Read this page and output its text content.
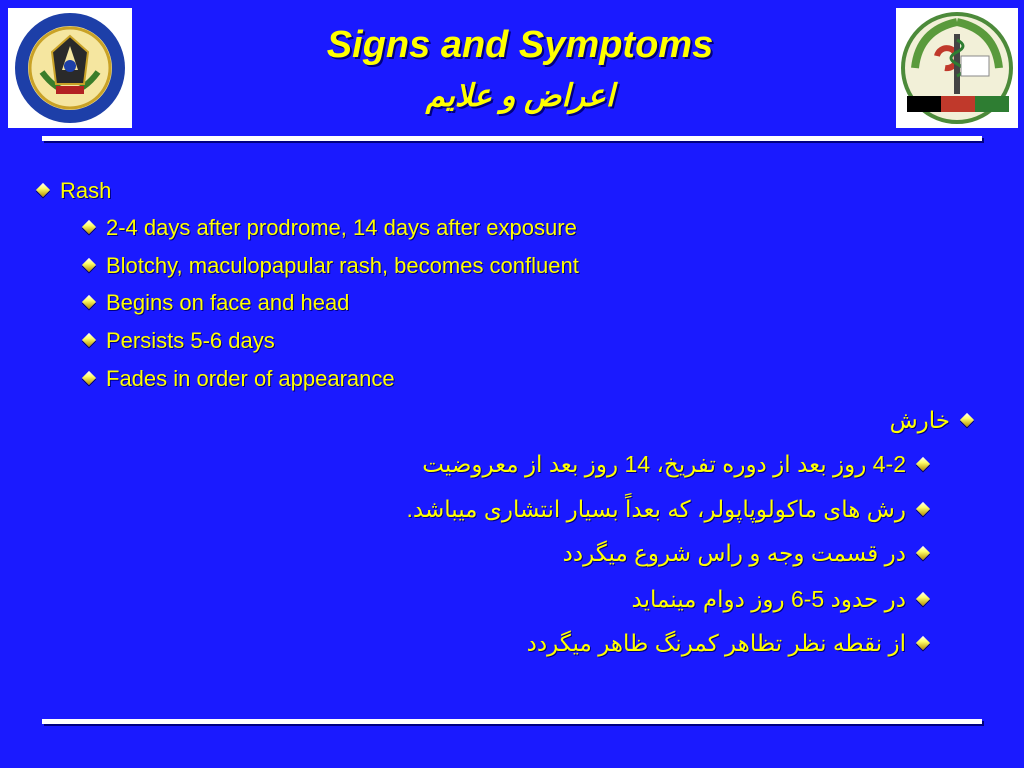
Signs and Symptoms
اعراض و علایم
Rash
2-4 days after prodrome, 14 days after exposure
Blotchy, maculopapular rash, becomes confluent
Begins on face and head
Persists 5-6 days
Fades in order of appearance
خارش
4-2 روز بعد از دوره تفریخ، 14 روز بعد از معروضیت
رش های ماکولوپاپولر، که بعداً بسیار انتشاری میباشد.
در قسمت وجه و راس شروع میگردد
در حدود 5-6 روز دوام مینماید
از نقطه نظر تظاهر کمرنگ ظاهر میگردد
